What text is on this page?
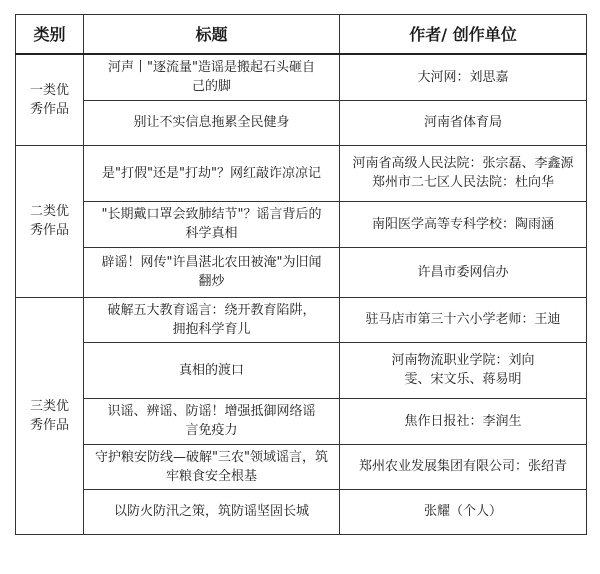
类别	标题	作者/ 创作单位

一类优秀作品	河声丨"逐流量"造谣是搬起石头砸自己的脚	大河网：刘思嘉
	别让不实信息拖累全民健身	河南省体育局

二类优秀作品	是"打假"还是"打劫"？网红敲诈凉凉记	河南省高级人民法院：张宗磊、李鑫源 郑州市二七区人民法院：杜向华
	"长期戴口罩会致肺结节"？谣言背后的科学真相	南阳医学高等专科学校：陶雨涵
	辟谣！网传"许昌湛北农田被淹"为旧闻翻炒	许昌市委网信办

三类优秀作品	破解五大教育谣言：绕开教育陷阱，拥抱科学育儿	驻马店市第三十六小学老师：王迪
	真相的渡口	河南物流职业学院：刘向雯、宋文乐、蒋易明
	识谣、辨谣、防谣！增强抵御网络谣言免疫力	焦作日报社：李润生
	守护粮安防线—破解"三农"领域谣言，筑牢粮食安全根基	郑州农业发展集团有限公司：张绍青
	以防火防汛之策，筑防谣坚固长城	张耀（个人）
